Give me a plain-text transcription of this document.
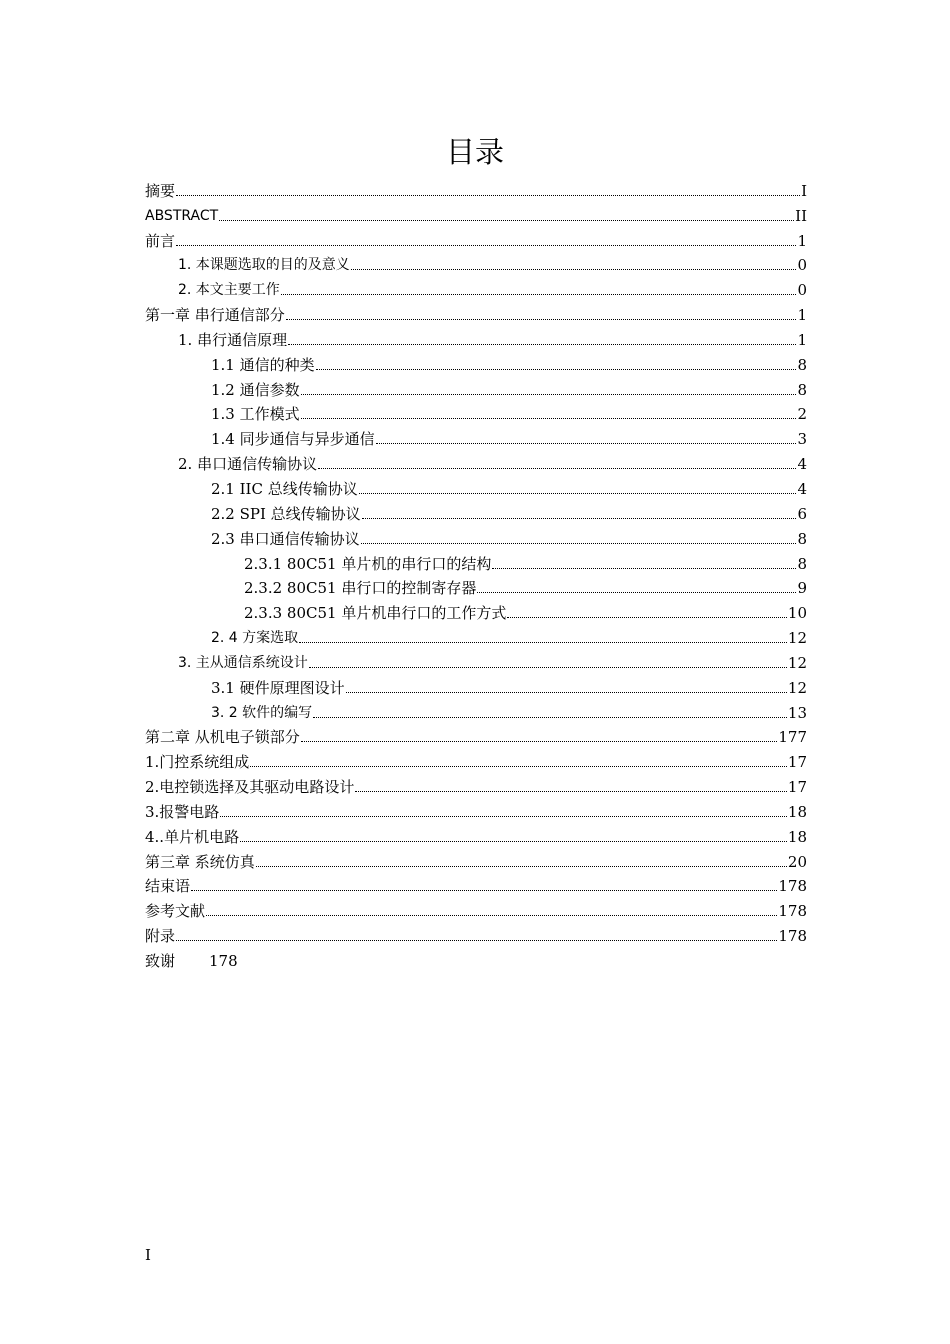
目录
摘要	I
ABSTRACT	II
前言	1
1. 本课题选取的目的及意义	0
2. 本文主要工作	0
第一章 串行通信部分	1
1. 串行通信原理	1
1.1 通信的种类	8
1.2 通信参数	8
1.3 工作模式	2
1.4 同步通信与异步通信	3
2. 串口通信传输协议	4
2.1 IIC 总线传输协议	4
2.2 SPI 总线传输协议	6
2.3 串口通信传输协议	8
2.3.1 80C51 单片机的串行口的结构	8
2.3.2 80C51 串行口的控制寄存器	9
2.3.3 80C51 单片机串行口的工作方式	10
2. 4 方案选取	12
3. 主从通信系统设计	12
3.1 硬件原理图设计	12
3. 2 软件的编写	13
第二章 从机电子锁部分	177
1.门控系统组成	17
2.电控锁选择及其驱动电路设计	17
3.报警电路	18
4..单片机电路	18
第三章 系统仿真	20
结束语	178
参考文献	178
附录	178
致谢 178
I
